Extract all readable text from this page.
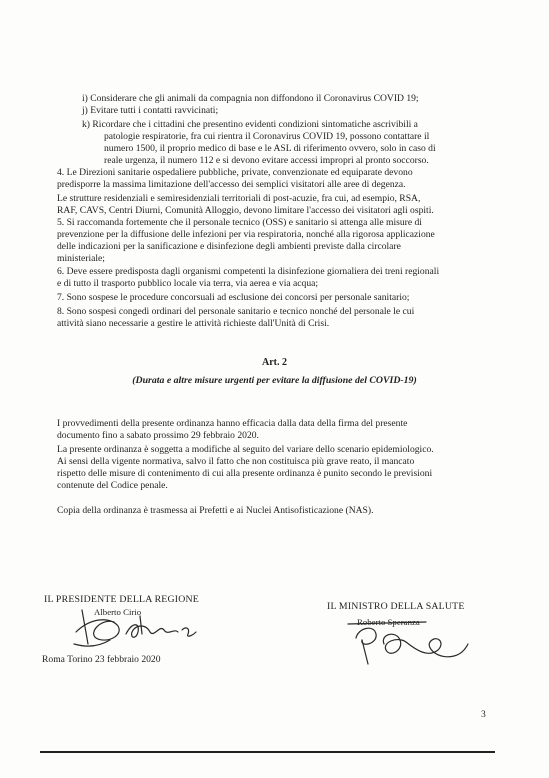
i) Considerare che gli animali da compagnia non diffondono il Coronavirus COVID 19;
j) Evitare tutti i contatti ravvicinati;
k) Ricordare che i cittadini che presentino evidenti condizioni sintomatiche ascrivibili a
patologie respiratorie, fra cui rientra il Coronavirus COVID 19, possono contattare il
numero 1500, il proprio medico di base e le ASL di riferimento ovvero, solo in caso di
reale urgenza, il numero 112 e si devono evitare accessi impropri al pronto soccorso.
4. Le Direzioni sanitarie ospedaliere pubbliche, private, convenzionate ed equiparate devono
predisporre la massima limitazione dell'accesso dei semplici visitatori alle aree di degenza.
Le strutture residenziali e semiresidenziali territoriali di post-acuzie, fra cui, ad esempio, RSA,
RAF, CAVS, Centri Diurni, Comunità Alloggio, devono limitare l'accesso dei visitatori agli ospiti.
5. Si raccomanda fortemente che il personale tecnico (OSS) e sanitario si attenga alle misure di
prevenzione per la diffusione delle infezioni per via respiratoria, nonché alla rigorosa applicazione
delle indicazioni per la sanificazione e disinfezione degli ambienti previste dalla circolare
ministeriale;
6. Deve essere predisposta dagli organismi competenti la disinfezione giornaliera dei treni regionali
e di tutto il trasporto pubblico locale via terra, via aerea e via acqua;
7. Sono sospese le procedure concorsuali ad esclusione dei concorsi per personale sanitario;
8. Sono sospesi congedi ordinari del personale sanitario e tecnico nonché del personale le cui
attività siano necessarie a gestire le attività richieste dall'Unità di Crisi.
I provvedimenti della presente ordinanza hanno efficacia dalla data della firma del presente
documento fino a sabato prossimo 29 febbraio 2020.
La presente ordinanza è soggetta a modifiche al seguito del variare dello scenario epidemiologico.
Ai sensi della vigente normativa, salvo il fatto che non costituisca più grave reato, il mancato
rispetto delle misure di contenimento di cui alla presente ordinanza è punito secondo le previsioni
contenute del Codice penale.
Copia della ordinanza è trasmessa ai Prefetti e ai Nuclei Antisofisticazione (NAS).
Roma Torino 23 febbraio 2020
Art. 2
(Durata e altre misure urgenti per evitare la diffusione del COVID-19)
IL PRESIDENTE DELLA REGIONE
Alberto Cirio	IL MINISTRO DELLA SALUTE
Roberto Speranza
3
